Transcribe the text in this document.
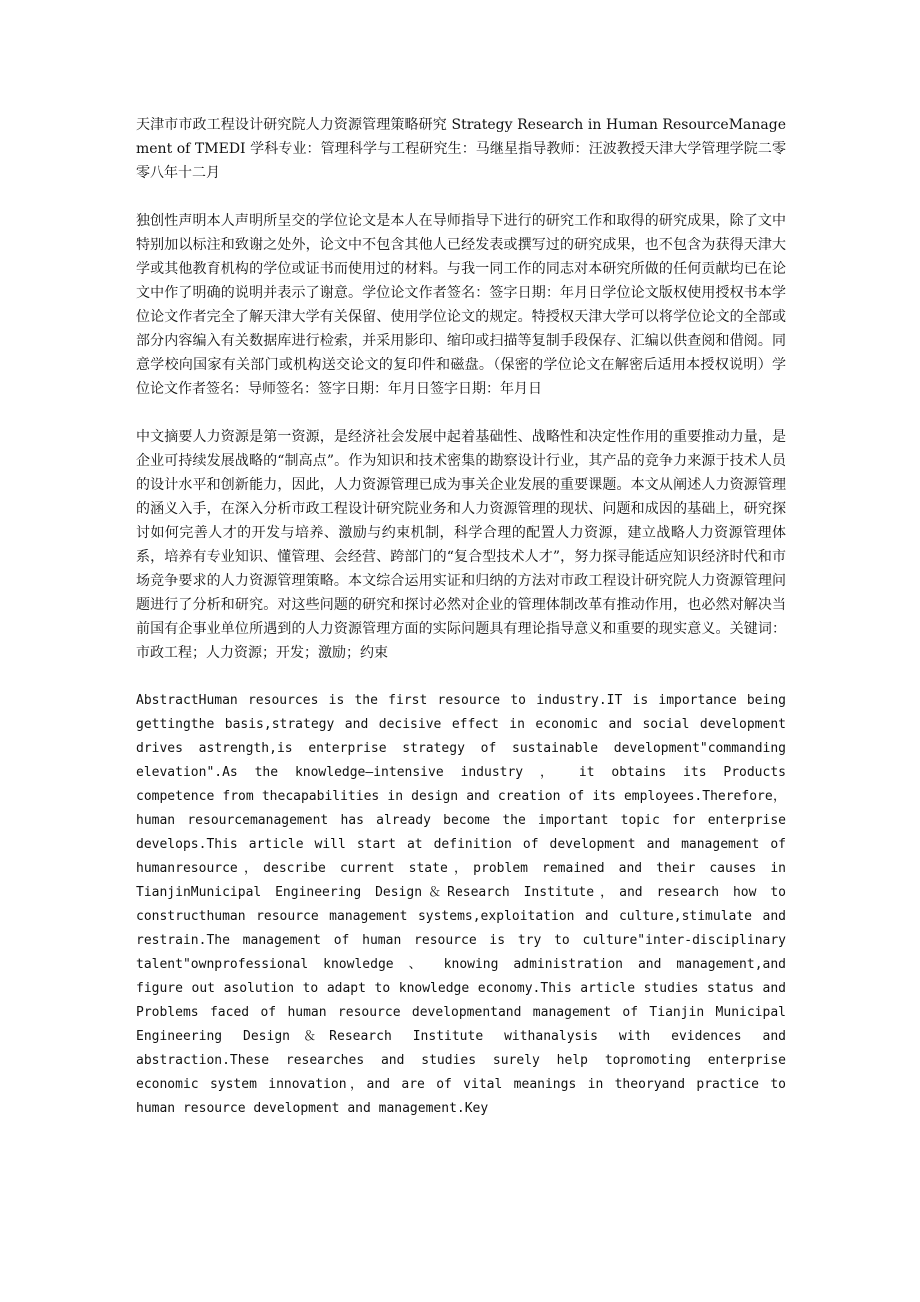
天津市市政工程设计研究院人力资源管理策略研究 Strategy Research in Human ResourceManagement of TMEDI 学科专业：管理科学与工程研究生：马继星指导教师：汪波教授天津大学管理学院二零零八年十二月

独创性声明本人声明所呈交的学位论文是本人在导师指导下进行的研究工作和取得的研究成果，除了文中特别加以标注和致谢之处外，论文中不包含其他人已经发表或撰写过的研究成果，也不包含为获得天津大学或其他教育机构的学位或证书而使用过的材料。与我一同工作的同志对本研究所做的任何贡献均已在论文中作了明确的说明并表示了谢意。学位论文作者签名：签字日期：年月日学位论文版权使用授权书本学位论文作者完全了解天津大学有关保留、使用学位论文的规定。特授权天津大学可以将学位论文的全部或部分内容编入有关数据库进行检索，并采用影印、缩印或扫描等复制手段保存、汇编以供查阅和借阅。同意学校向国家有关部门或机构送交论文的复印件和磁盘。（保密的学位论文在解密后适用本授权说明）学位论文作者签名：导师签名：签字日期：年月日签字日期：年月日

中文摘要人力资源是第一资源，是经济社会发展中起着基础性、战略性和决定性作用的重要推动力量，是企业可持续发展战略的“制高点”。作为知识和技术密集的勘察设计行业，其产品的竞争力来源于技术人员的设计水平和创新能力，因此，人力资源管理已成为事关企业发展的重要课题。本文从阐述人力资源管理的涵义入手，在深入分析市政工程设计研究院业务和人力资源管理的现状、问题和成因的基础上，研究探讨如何完善人才的开发与培养、激励与约束机制，科学合理的配置人力资源，建立战略人力资源管理体系，培养有专业知识、懂管理、会经营、跨部门的“复合型技术人才”，努力探寻能适应知识经济时代和市场竞争要求的人力资源管理策略。本文综合运用实证和归纳的方法对市政工程设计研究院人力资源管理问题进行了分析和研究。对这些问题的研究和探讨必然对企业的管理体制改革有推动作用，也必然对解决当前国有企事业单位所遇到的人力资源管理方面的实际问题具有理论指导意义和重要的现实意义。关键词：市政工程；人力资源；开发；激励；约束

AbstractHuman resources is the first resource to industry.IT is importance being gettingthe basis,strategy and decisive effect in economic and social development drives astrength,is enterprise strategy of sustainable development"commanding elevation".As the knowledge—intensive industry ， it obtains its Products competence from thecapabilities in design and creation of its employees.Therefore，human resourcemanagement has already become the important topic for enterprise develops.This article will start at definition of development and management of humanresource，describe current state，problem remained and their causes in TianjinMunicipal Engineering Design＆Research Institute，and research how to constructhuman resource management systems,exploitation and culture,stimulate and restrain.The management of human resource is try to culture"inter-disciplinary talent"ownprofessional knowledge 、 knowing administration and management,and figure out asolution to adapt to knowledge economy.This article studies status and Problems faced of human resource developmentand management of Tianjin Municipal Engineering Design＆Research Institute withanalysis with evidences and abstraction.These researches and studies surely help topromoting enterprise economic system innovation，and are of vital meanings in theoryand practice to human resource development and management.Key
